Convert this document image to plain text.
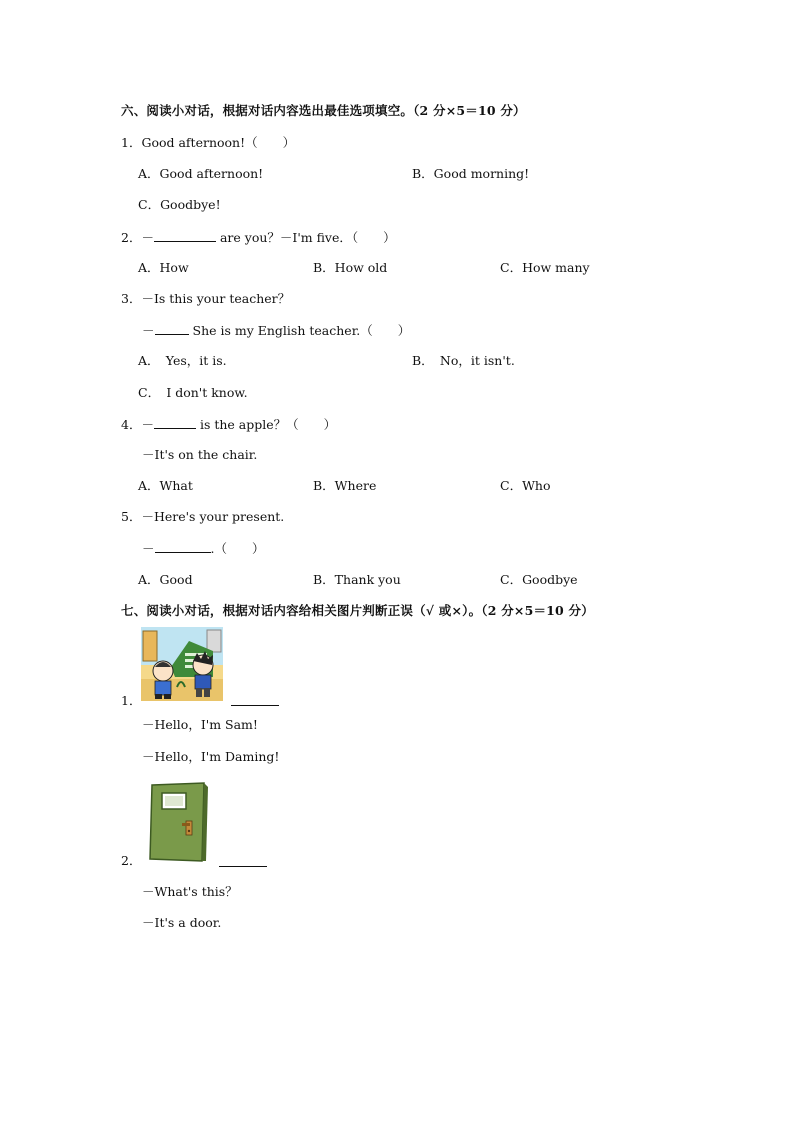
六、阅读小对话，根据对话内容选出最佳选项填空。（2 分×5＝10 分）
1．Good afternoon!（　　）
A．Good afternoon!	B．Good morning!
C．Goodbye!
2．－	are you？－I'm five．（　　）
A．How	B．How old	C．How many
3．－Is this your teacher？
－	She is my English teacher.（　　）
A．　Yes，it is.	B．　No，it isn't.
C．　I don't know.
4．－	is the apple？（　　）
－It's on the chair.
A．What	B．Where	C．Who
5．－Here's your present.
－	.（　　）
A．Good	B．Thank you	C．Goodbye
七、阅读小对话，根据对话内容给相关图片判断正误（√ 或×）。（2 分×5＝10 分）
1．
－Hello，I'm Sam!
－Hello，I'm Daming!
2．
－What's this？
－It's a door.
